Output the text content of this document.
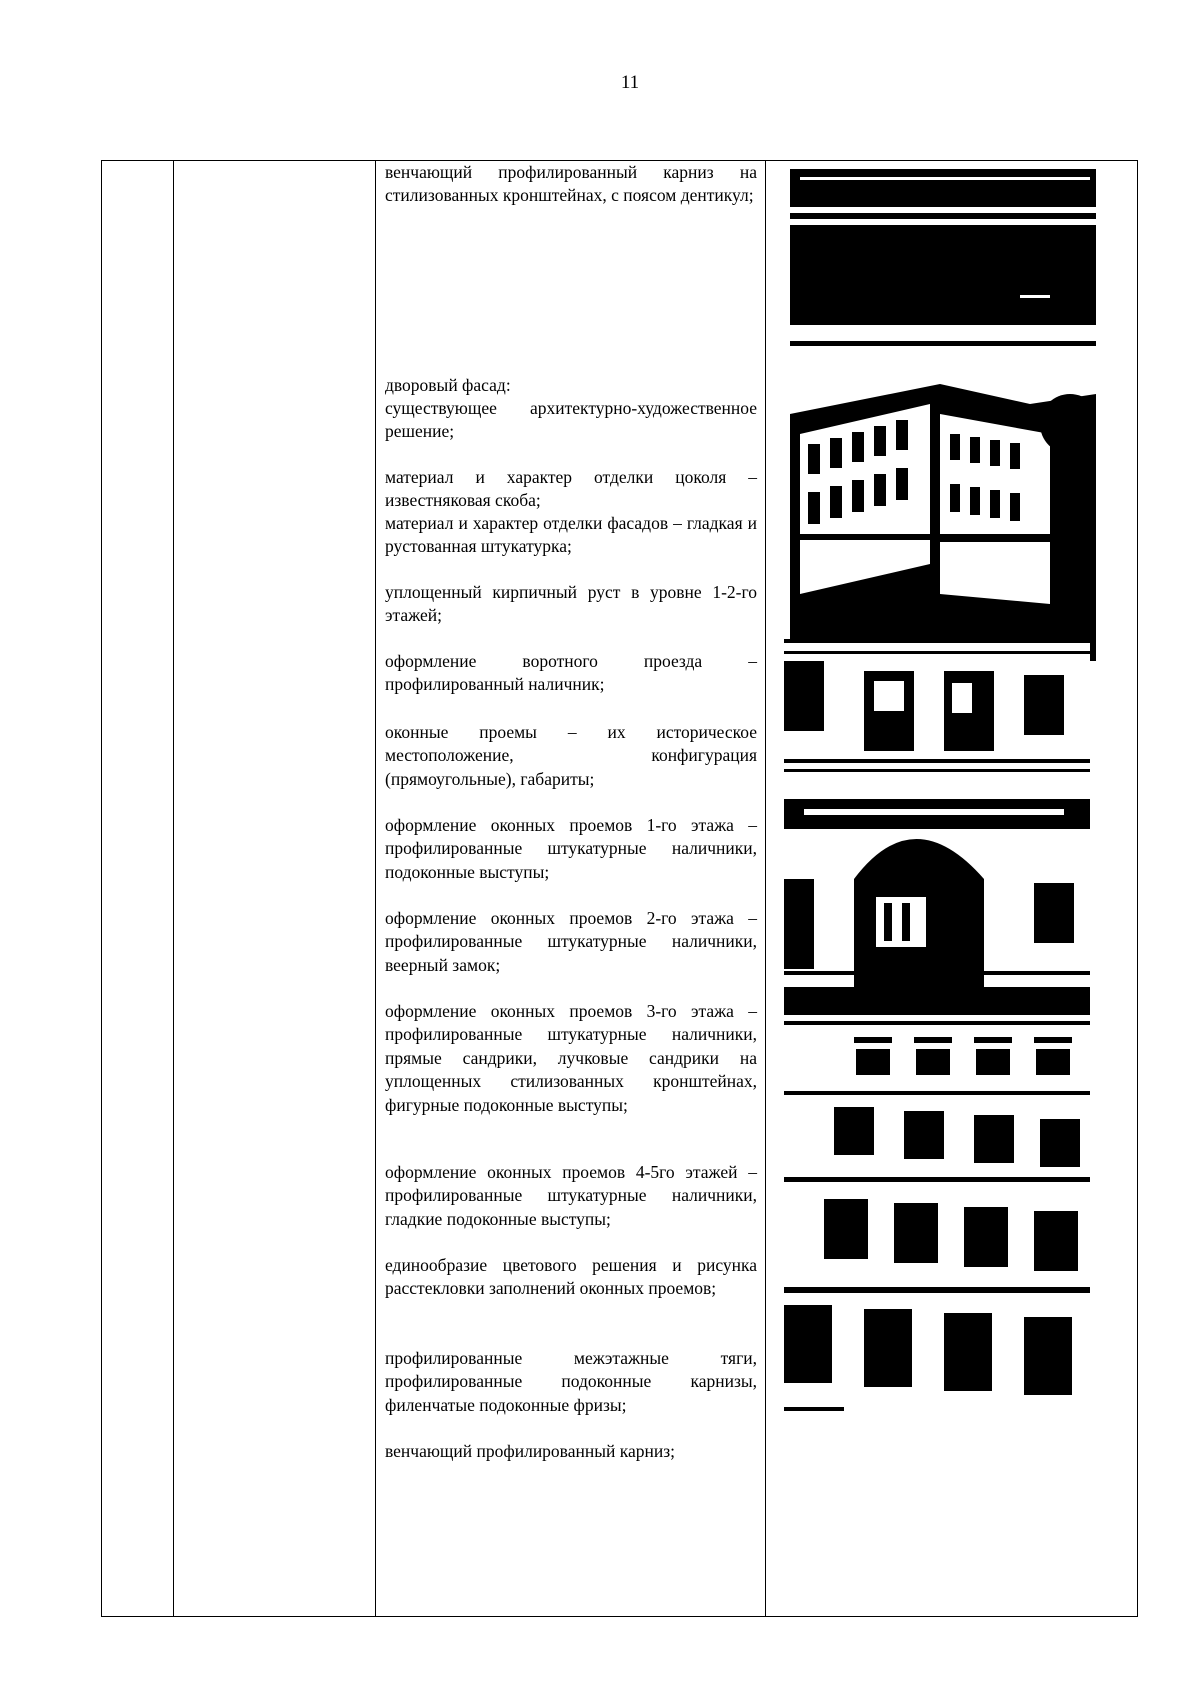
11

венчающий профилированный карниз на стилизованных кронштейнах, с поясом дентикул;

дворовый фасад:

существующее архитектурно-художественное решение;

материал и характер отделки цоколя – известняковая скоба;

материал и характер отделки фасадов – гладкая и рустованная штукатурка;

уплощенный кирпичный руст в уровне 1-2-го этажей;

оформление воротного проезда – профилированный наличник;

оконные проемы – их историческое местоположение, конфигурация (прямоугольные), габариты;

оформление оконных проемов 1-го этажа – профилированные штукатурные наличники, подоконные выступы;

оформление оконных проемов 2-го этажа – профилированные штукатурные наличники, веерный замок;

оформление оконных проемов 3-го этажа – профилированные штукатурные наличники, прямые сандрики, лучковые сандрики на уплощенных стилизованных кронштейнах, фигурные подоконные выступы;

оформление оконных проемов 4-5го этажей – профилированные штукатурные наличники, гладкие подоконные выступы;

единообразие цветового решения и рисунка расстекловки заполнений оконных проемов;

профилированные межэтажные тяги, профилированные подоконные карнизы, филенчатые подоконные фризы;

венчающий профилированный карниз;
